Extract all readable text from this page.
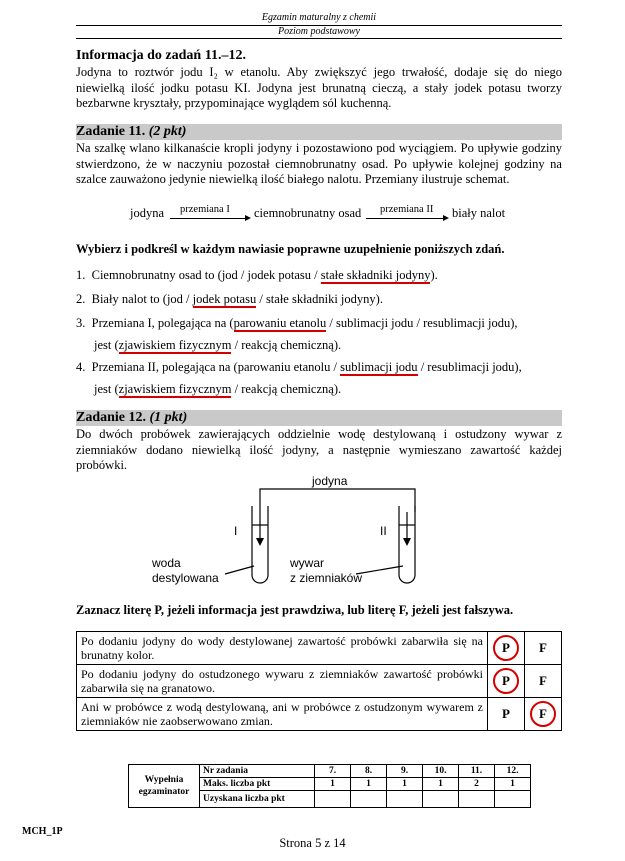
Egzamin maturalny z chemii
Poziom podstawowy
Informacja do zadań 11.–12.
Jodyna to roztwór jodu I₂ w etanolu. Aby zwiększyć jego trwałość, dodaje się do niego niewielką ilość jodku potasu KI. Jodyna jest brunatną cieczą, a stały jodek potasu tworzy bezbarwne kryształy, przypominające wyglądem sól kuchenną.
Zadanie 11. (2 pkt)
Na szalkę wlano kilkanaście kropli jodyny i pozostawiono pod wyciągiem. Po upływie godziny stwierdzono, że w naczyniu pozostał ciemnobrunatny osad. Po upływie kolejnej godziny na szalce zauważono jedynie niewielką ilość białego nalotu. Przemiany ilustruje schemat.
jodyna przemiana I ciemnobrunatny osad przemiana II biały nalot
Wybierz i podkreśl w każdym nawiasie poprawne uzupełnienie poniższych zdań.
1. Ciemnobrunatny osad to (jod / jodek potasu / stałe składniki jodyny).
2. Biały nalot to (jod / jodek potasu / stałe składniki jodyny).
3. Przemiana I, polegająca na (parowaniu etanolu / sublimacji jodu / resublimacji jodu),
jest (zjawiskiem fizycznym / reakcją chemiczną).
4. Przemiana II, polegająca na (parowaniu etanolu / sublimacji jodu / resublimacji jodu),
jest (zjawiskiem fizycznym / reakcją chemiczną).
Zadanie 12. (1 pkt)
Do dwóch probówek zawierających oddzielnie wodę destylowaną i ostudzony wywar z ziemniaków dodano niewielką ilość jodyny, a następnie wymieszano zawartość każdej probówki.
jodyna
I	II
woda
destylowana
wywar
z ziemniaków
Zaznacz literę P, jeżeli informacja jest prawdziwa, lub literę F, jeżeli jest fałszywa.
Po dodaniu jodyny do wody destylowanej zawartość probówki zabarwiła się na brunatny kolor.	P	F
Po dodaniu jodyny do ostudzonego wywaru z ziemniaków zawartość probówki zabarwiła się na granatowo.	P	F
Ani w probówce z wodą destylowaną, ani w probówce z ostudzonym wywarem z ziemniaków nie zaobserwowano zmian.	P	F
Wypełnia
egzaminator	Nr zadania	7.	8.	9.	10.	11.	12.
	Maks. liczba pkt	1	1	1	1	2	1
	Uzyskana liczba pkt						
MCH_1P
Strona 5 z 14
